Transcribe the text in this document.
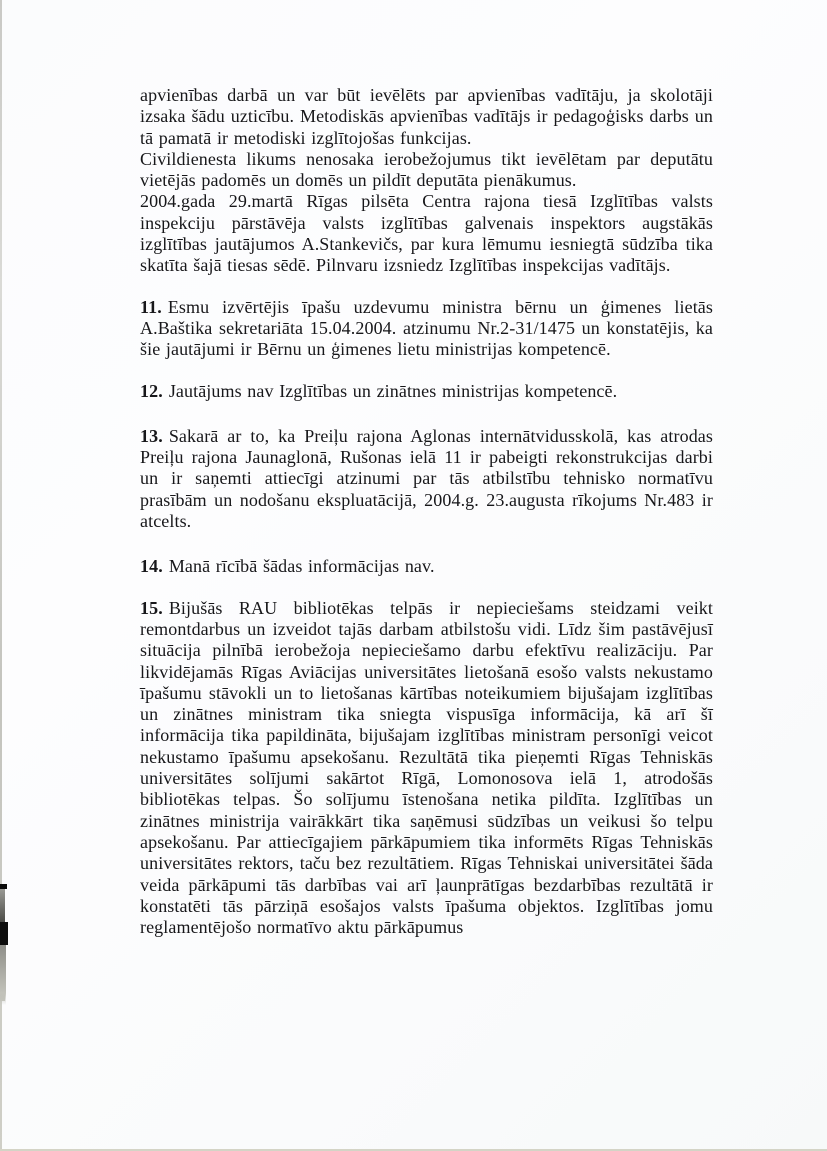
apvienības darbā un var būt ievēlēts par apvienības vadītāju, ja skolotāji izsaka šādu uzticību. Metodiskās apvienības vadītājs ir pedagoģisks darbs un tā pamatā ir metodiski izglītojošas funkcijas.

Civildienesta likums nenosaka ierobežojumus tikt ievēlētam par deputātu vietējās padomēs un domēs un pildīt deputāta pienākumus.

2004.gada 29.martā Rīgas pilsēta Centra rajona tiesā Izglītības valsts inspekciju pārstāvēja valsts izglītības galvenais inspektors augstākās izglītības jautājumos A.Stankevičs, par kura lēmumu iesniegtā sūdzība tika skatīta šajā tiesas sēdē. Pilnvaru izsniedz Izglītības inspekcijas vadītājs.

11. Esmu izvērtējis īpašu uzdevumu ministra bērnu un ģimenes lietās A.Baštika sekretariāta 15.04.2004. atzinumu Nr.2-31/1475 un konstatējis, ka šie jautājumi ir Bērnu un ģimenes lietu ministrijas kompetencē.

12. Jautājums nav Izglītības un zinātnes ministrijas kompetencē.

13. Sakarā ar to, ka Preiļu rajona Aglonas internātvidusskolā, kas atrodas Preiļu rajona Jaunaglonā, Rušonas ielā 11 ir pabeigti rekonstrukcijas darbi un ir saņemti attiecīgi atzinumi par tās atbilstību tehnisko normatīvu prasībām un nodošanu ekspluatācijā, 2004.g. 23.augusta rīkojums Nr.483 ir atcelts.

14. Manā rīcībā šādas informācijas nav.

15. Bijušās RAU bibliotēkas telpās ir nepieciešams steidzami veikt remontdarbus un izveidot tajās darbam atbilstošu vidi. Līdz šim pastāvējusī situācija pilnībā ierobežoja nepieciešamo darbu efektīvu realizāciju. Par likvidējamās Rīgas Aviācijas universitātes lietošanā esošo valsts nekustamo īpašumu stāvokli un to lietošanas kārtības noteikumiem bijušajam izglītības un zinātnes ministram tika sniegta vispusīga informācija, kā arī šī informācija tika papildināta, bijušajam izglītības ministram personīgi veicot nekustamo īpašumu apsekošanu. Rezultātā tika pieņemti Rīgas Tehniskās universitātes solījumi sakārtot Rīgā, Lomonosova ielā 1, atrodošās bibliotēkas telpas. Šo solījumu īstenošana netika pildīta. Izglītības un zinātnes ministrija vairākkārt tika saņēmusi sūdzības un veikusi šo telpu apsekošanu. Par attiecīgajiem pārkāpumiem tika informēts Rīgas Tehniskās universitātes rektors, taču bez rezultātiem. Rīgas Tehniskai universitātei šāda veida pārkāpumi tās darbības vai arī ļaunprātīgas bezdarbības rezultātā ir konstatēti tās pārziņā esošajos valsts īpašuma objektos. Izglītības jomu reglamentējošo normatīvo aktu pārkāpumus
